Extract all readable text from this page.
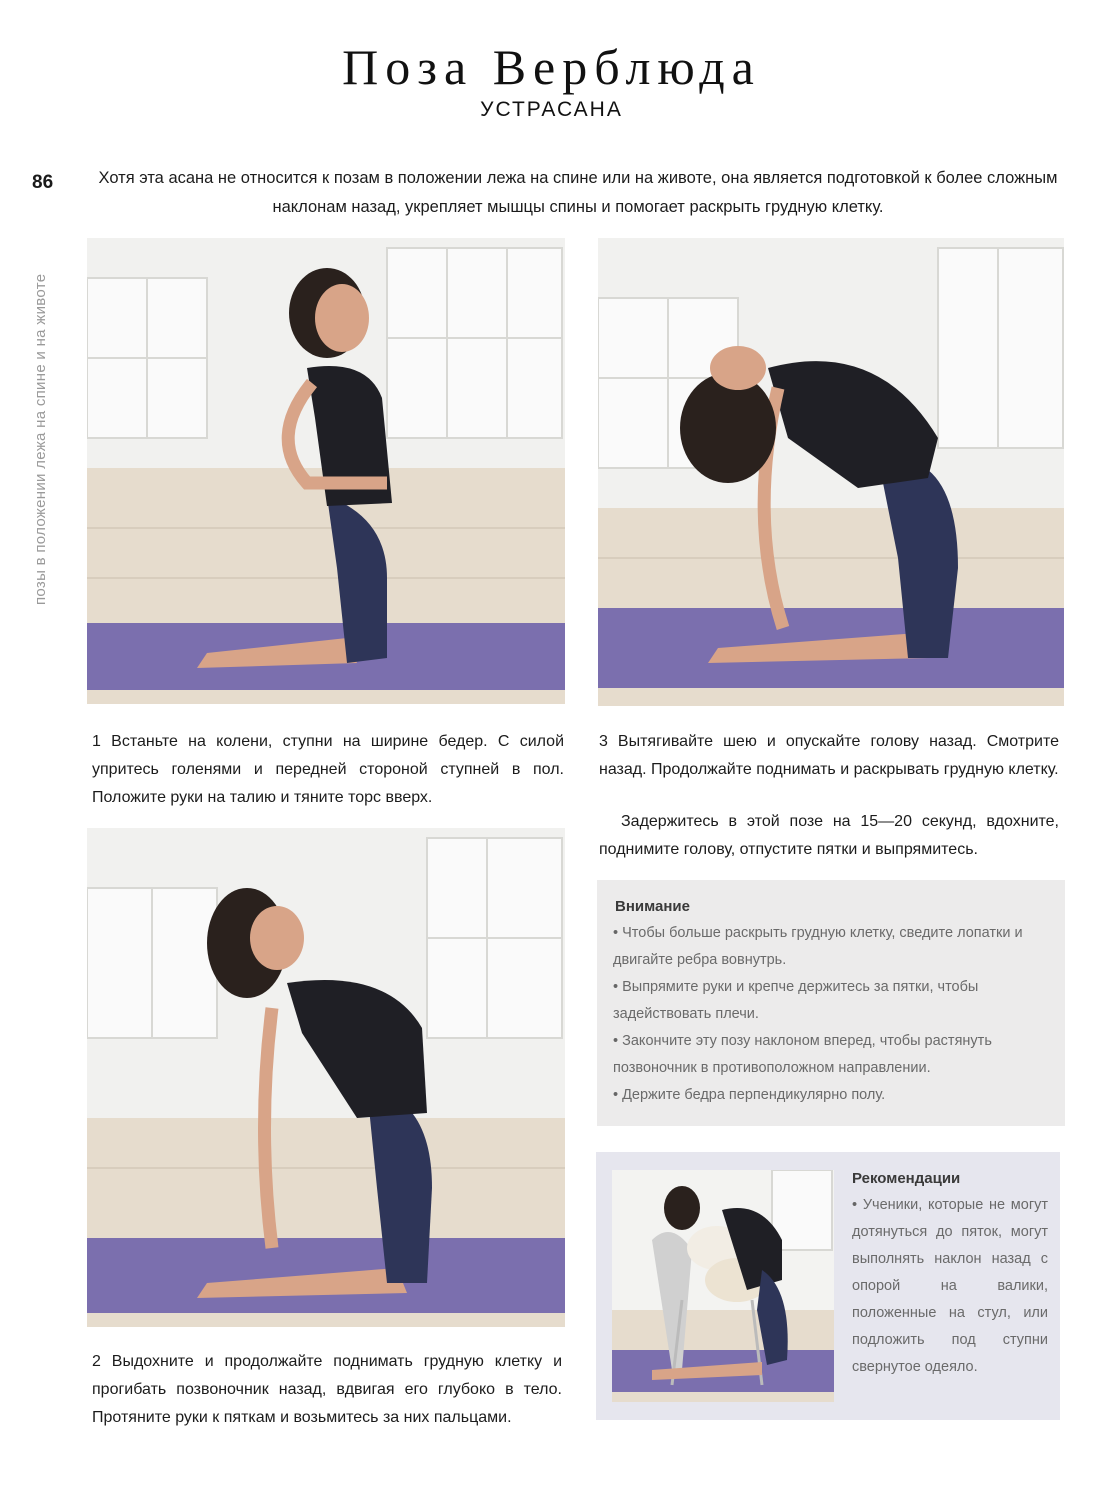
Поза Верблюда
УСТРАСАНА
86
позы в положении лежа на спине и на животе
Хотя эта асана не относится к позам в положении лежа на спине или на животе, она является подготовкой к более сложным наклонам назад, укрепляет мышцы спины и помогает раскрыть грудную клетку.
1 Встаньте на колени, ступни на ширине бедер. С силой упритесь голенями и передней стороной ступней в пол. Положите руки на талию и тяните торс вверх.
2 Выдохните и продолжайте поднимать грудную клетку и прогибать позвоночник назад, вдвигая его глубоко в тело. Протяните руки к пяткам и возьмитесь за них пальцами.
3 Вытягивайте шею и опускайте голову назад. Смотрите назад. Продолжайте поднимать и раскрывать грудную клетку.
Задержитесь в этой позе на 15—20 секунд, вдохните, поднимите голову, отпустите пятки и выпрямитесь.
Внимание
• Чтобы больше раскрыть грудную клетку, сведите лопатки и двигайте ребра вовнутрь.
• Выпрямите руки и крепче держитесь за пятки, чтобы задействовать плечи.
• Закончите эту позу наклоном вперед, чтобы растянуть позвоночник в противоположном направлении.
• Держите бедра перпендикулярно полу.
Рекомендации
• Ученики, которые не могут дотянуться до пяток, могут выполнять наклон назад с опорой на валики, положенные на стул, или подложить под ступни свернутое одеяло.
